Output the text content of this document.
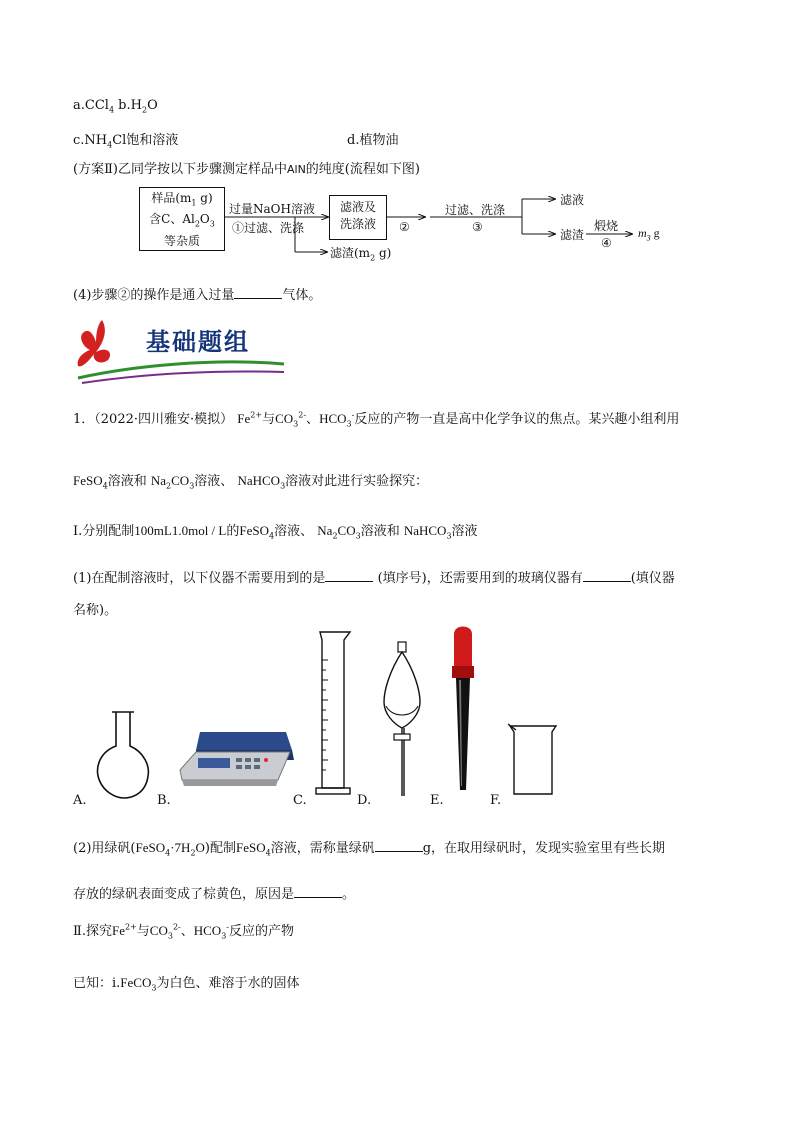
a.CCl$_4$ $b.H_2O$
$c.NH_4Cl$饱和溶液	d.植物油
(方案Ⅱ)乙同学按以下步骤测定样品中AlN的纯度(流程如下图)
样品($m_1$ g)
含C、$Al_2O_3$
等杂质
过量NaOH溶液
①过滤、洗涤
滤渣($m_2$ g)
滤液及
洗涤液	②
过滤、洗涤
③
滤液
滤渣
煅烧
④
$m_3$ g
(4)步骤②的操作是通入过量	气体。
基础题组
1．（2022·四川雅安·模拟） $Fe^{2+}$与$CO_3^{2-}$、$HCO_3^-$反应的产物一直是高中化学争议的焦点。某兴趣小组利用
FeSO$_4$溶液和 $Na_2CO_3$溶液、 NaHCO$_3$溶液对此进行实验探究：
Ⅰ.分别配制100mL1.0mol / L的FeSO$_4$溶液、 $Na_2CO_3$溶液和 NaHCO$_3$溶液
(1)在配制溶液时，以下仪器不需要用到的是	(填序号)，还需要用到的玻璃仪器有	(填仪器
名称)。
A.	B.	C.	D.	E.	F.
(2)用绿矾$(FeSO_4\cdot 7H_2O)$配制FeSO$_4$溶液，需称量绿矾	g，在取用绿矾时，发现实验室里有些长期
存放的绿矾表面变成了棕黄色，原因是	。
Ⅱ.探究$Fe^{2+}$与$CO_3^{2-}$、$HCO_3^-$反应的产物
已知：ⅰ.FeCO$_3$为白色、难溶于水的固体
